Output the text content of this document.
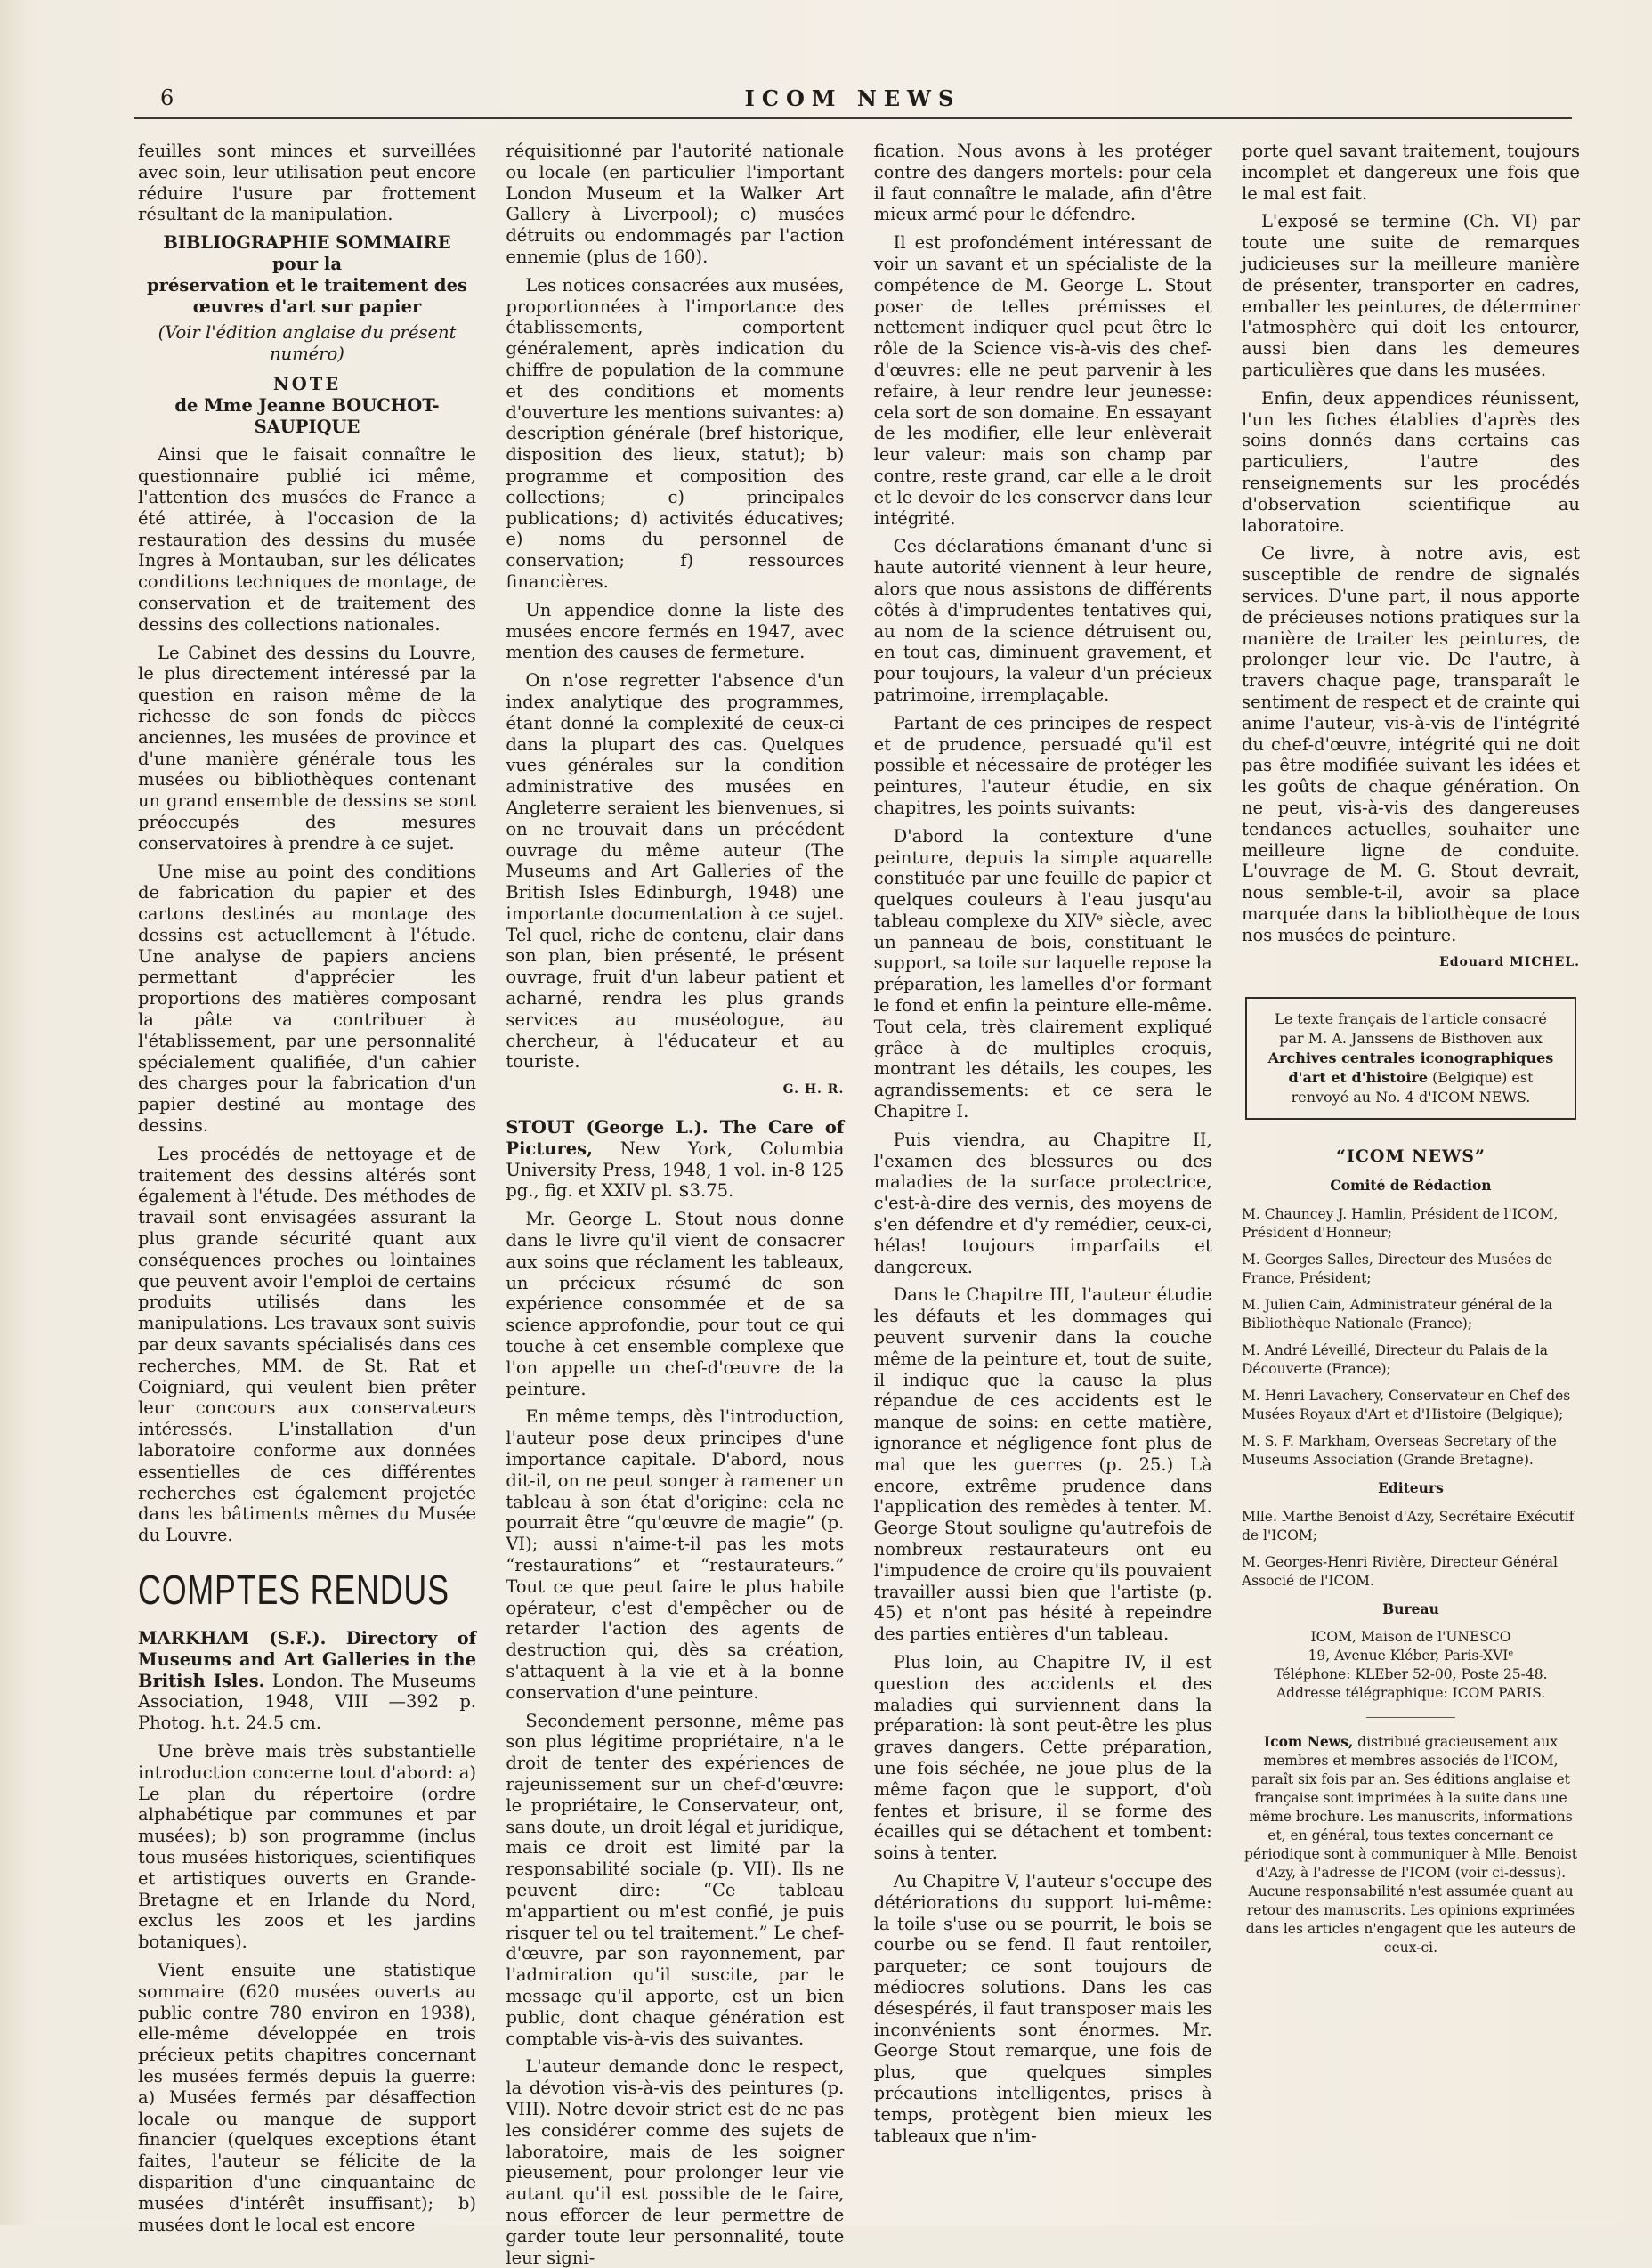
6	ICOM NEWS

feuilles sont minces et surveillées avec soin, leur utilisation peut encore réduire l'usure par frottement résultant de la manipulation.

BIBLIOGRAPHIE SOMMAIRE
pour la
préservation et le traitement des œuvres d'art sur papier
(Voir l'édition anglaise du présent numéro)
NOTE
de Mme Jeanne BOUCHOT-SAUPIQUE

Ainsi que le faisait connaître le questionnaire publié ici même, l'attention des musées de France a été attirée, à l'occasion de la restauration des dessins du musée Ingres à Montauban, sur les délicates conditions techniques de montage, de conservation et de traitement des dessins des collections nationales.

Le Cabinet des dessins du Louvre, le plus directement intéressé par la question en raison même de la richesse de son fonds de pièces anciennes, les musées de province et d'une manière générale tous les musées ou bibliothèques contenant un grand ensemble de dessins se sont préoccupés des mesures conservatoires à prendre à ce sujet.

Une mise au point des conditions de fabrication du papier et des cartons destinés au montage des dessins est actuellement à l'étude. Une analyse de papiers anciens permettant d'apprécier les proportions des matières composant la pâte va contribuer à l'établissement, par une personnalité spécialement qualifiée, d'un cahier des charges pour la fabrication d'un papier destiné au montage des dessins.

Les procédés de nettoyage et de traitement des dessins altérés sont également à l'étude. Des méthodes de travail sont envisagées assurant la plus grande sécurité quant aux conséquences proches ou lointaines que peuvent avoir l'emploi de certains produits utilisés dans les manipulations. Les travaux sont suivis par deux savants spécialisés dans ces recherches, MM. de St. Rat et Coigniard, qui veulent bien prêter leur concours aux conservateurs intéressés. L'installation d'un laboratoire conforme aux données essentielles de ces différentes recherches est également projetée dans les bâtiments mêmes du Musée du Louvre.

COMPTES RENDUS

MARKHAM (S.F.). Directory of Museums and Art Galleries in the British Isles. London. The Museums Association, 1948, VIII —392 p. Photog. h.t. 24.5 cm.

Une brève mais très substantielle introduction concerne tout d'abord: a) Le plan du répertoire (ordre alphabétique par communes et par musées); b) son programme (inclus tous musées historiques, scientifiques et artistiques ouverts en Grande-Bretagne et en Irlande du Nord, exclus les zoos et les jardins botaniques).

Vient ensuite une statistique sommaire (620 musées ouverts au public contre 780 environ en 1938), elle-même développée en trois précieux petits chapitres concernant les musées fermés depuis la guerre: a) Musées fermés par désaffection locale ou manque de support financier (quelques exceptions étant faites, l'auteur se félicite de la disparition d'une cinquantaine de musées d'intérêt insuffisant); b) musées dont le local est encore

réquisitionné par l'autorité nationale ou locale (en particulier l'important London Museum et la Walker Art Gallery à Liverpool); c) musées détruits ou endommagés par l'action ennemie (plus de 160).

Les notices consacrées aux musées, proportionnées à l'importance des établissements, comportent généralement, après indication du chiffre de population de la commune et des conditions et moments d'ouverture les mentions suivantes: a) description générale (bref historique, disposition des lieux, statut); b) programme et composition des collections; c) principales publications; d) activités éducatives; e) noms du personnel de conservation; f) ressources financières.

Un appendice donne la liste des musées encore fermés en 1947, avec mention des causes de fermeture.

On n'ose regretter l'absence d'un index analytique des programmes, étant donné la complexité de ceux-ci dans la plupart des cas. Quelques vues générales sur la condition administrative des musées en Angleterre seraient les bienvenues, si on ne trouvait dans un précédent ouvrage du même auteur (The Museums and Art Galleries of the British Isles Edinburgh, 1948) une importante documentation à ce sujet. Tel quel, riche de contenu, clair dans son plan, bien présenté, le présent ouvrage, fruit d'un labeur patient et acharné, rendra les plus grands services au muséologue, au chercheur, à l'éducateur et au touriste.

G. H. R.

STOUT (George L.). The Care of Pictures, New York, Columbia University Press, 1948, 1 vol. in-8 125 pg., fig. et XXIV pl. $3.75.

Mr. George L. Stout nous donne dans le livre qu'il vient de consacrer aux soins que réclament les tableaux, un précieux résumé de son expérience consommée et de sa science approfondie, pour tout ce qui touche à cet ensemble complexe que l'on appelle un chef-d'œuvre de la peinture.

En même temps, dès l'introduction, l'auteur pose deux principes d'une importance capitale. D'abord, nous dit-il, on ne peut songer à ramener un tableau à son état d'origine: cela ne pourrait être “qu'œuvre de magie” (p. VI); aussi n'aime-t-il pas les mots “restaurations” et “restaurateurs.” Tout ce que peut faire le plus habile opérateur, c'est d'empêcher ou de retarder l'action des agents de destruction qui, dès sa création, s'attaquent à la vie et à la bonne conservation d'une peinture.

Secondement personne, même pas son plus légitime propriétaire, n'a le droit de tenter des expériences de rajeunissement sur un chef-d'œuvre: le propriétaire, le Conservateur, ont, sans doute, un droit légal et juridique, mais ce droit est limité par la responsabilité sociale (p. VII). Ils ne peuvent dire: “Ce tableau m'appartient ou m'est confié, je puis risquer tel ou tel traitement.” Le chef-d'œuvre, par son rayonnement, par l'admiration qu'il suscite, par le message qu'il apporte, est un bien public, dont chaque génération est comptable vis-à-vis des suivantes.

L'auteur demande donc le respect, la dévotion vis-à-vis des peintures (p. VIII). Notre devoir strict est de ne pas les considérer comme des sujets de laboratoire, mais de les soigner pieusement, pour prolonger leur vie autant qu'il est possible de le faire, nous efforcer de leur permettre de garder toute leur personnalité, toute leur signi-

fication. Nous avons à les protéger contre des dangers mortels: pour cela il faut connaître le malade, afin d'être mieux armé pour le défendre.

Il est profondément intéressant de voir un savant et un spécialiste de la compétence de M. George L. Stout poser de telles prémisses et nettement indiquer quel peut être le rôle de la Science vis-à-vis des chef-d'œuvres: elle ne peut parvenir à les refaire, à leur rendre leur jeunesse: cela sort de son domaine. En essayant de les modifier, elle leur enlèverait leur valeur: mais son champ par contre, reste grand, car elle a le droit et le devoir de les conserver dans leur intégrité.

Ces déclarations émanant d'une si haute autorité viennent à leur heure, alors que nous assistons de différents côtés à d'imprudentes tentatives qui, au nom de la science détruisent ou, en tout cas, diminuent gravement, et pour toujours, la valeur d'un précieux patrimoine, irremplaçable.

Partant de ces principes de respect et de prudence, persuadé qu'il est possible et nécessaire de protéger les peintures, l'auteur étudie, en six chapitres, les points suivants:

D'abord la contexture d'une peinture, depuis la simple aquarelle constituée par une feuille de papier et quelques couleurs à l'eau jusqu'au tableau complexe du XIVᵉ siècle, avec un panneau de bois, constituant le support, sa toile sur laquelle repose la préparation, les lamelles d'or formant le fond et enfin la peinture elle-même. Tout cela, très clairement expliqué grâce à de multiples croquis, montrant les détails, les coupes, les agrandissements: et ce sera le Chapitre I.

Puis viendra, au Chapitre II, l'examen des blessures ou des maladies de la surface protectrice, c'est-à-dire des vernis, des moyens de s'en défendre et d'y remédier, ceux-ci, hélas! toujours imparfaits et dangereux.

Dans le Chapitre III, l'auteur étudie les défauts et les dommages qui peuvent survenir dans la couche même de la peinture et, tout de suite, il indique que la cause la plus répandue de ces accidents est le manque de soins: en cette matière, ignorance et négligence font plus de mal que les guerres (p. 25.) Là encore, extrême prudence dans l'application des remèdes à tenter. M. George Stout souligne qu'autrefois de nombreux restaurateurs ont eu l'impudence de croire qu'ils pouvaient travailler aussi bien que l'artiste (p. 45) et n'ont pas hésité à repeindre des parties entières d'un tableau.

Plus loin, au Chapitre IV, il est question des accidents et des maladies qui surviennent dans la préparation: là sont peut-être les plus graves dangers. Cette préparation, une fois séchée, ne joue plus de la même façon que le support, d'où fentes et brisure, il se forme des écailles qui se détachent et tombent: soins à tenter.

Au Chapitre V, l'auteur s'occupe des détériorations du support lui-même: la toile s'use ou se pourrit, le bois se courbe ou se fend. Il faut rentoiler, parqueter; ce sont toujours de médiocres solutions. Dans les cas désespérés, il faut transposer mais les inconvénients sont énormes. Mr. George Stout remarque, une fois de plus, que quelques simples précautions intelligentes, prises à temps, protègent bien mieux les tableaux que n'im-

porte quel savant traitement, toujours incomplet et dangereux une fois que le mal est fait.

L'exposé se termine (Ch. VI) par toute une suite de remarques judicieuses sur la meilleure manière de présenter, transporter en cadres, emballer les peintures, de déterminer l'atmosphère qui doit les entourer, aussi bien dans les demeures particulières que dans les musées.

Enfin, deux appendices réunissent, l'un les fiches établies d'après des soins donnés dans certains cas particuliers, l'autre des renseignements sur les procédés d'observation scientifique au laboratoire.

Ce livre, à notre avis, est susceptible de rendre de signalés services. D'une part, il nous apporte de précieuses notions pratiques sur la manière de traiter les peintures, de prolonger leur vie. De l'autre, à travers chaque page, transparaît le sentiment de respect et de crainte qui anime l'auteur, vis-à-vis de l'intégrité du chef-d'œuvre, intégrité qui ne doit pas être modifiée suivant les idées et les goûts de chaque génération. On ne peut, vis-à-vis des dangereuses tendances actuelles, souhaiter une meilleure ligne de conduite. L'ouvrage de M. G. Stout devrait, nous semble-t-il, avoir sa place marquée dans la bibliothèque de tous nos musées de peinture.

Edouard MICHEL.
Le texte français de l'article consacré par M. A. Janssens de Bisthoven aux Archives centrales iconographiques d'art et d'histoire (Belgique) est renvoyé au No. 4 d'ICOM NEWS.
“ICOM NEWS”
Comité de Rédaction

M. Chauncey J. Hamlin, Président de l'ICOM, Président d'Honneur;

M. Georges Salles, Directeur des Musées de France, Président;

M. Julien Cain, Administrateur général de la Bibliothèque Nationale (France);

M. André Léveillé, Directeur du Palais de la Découverte (France);

M. Henri Lavachery, Conservateur en Chef des Musées Royaux d'Art et d'Histoire (Belgique);

M. S. F. Markham, Overseas Secretary of the Museums Association (Grande Bretagne).

Editeurs

Mlle. Marthe Benoist d'Azy, Secrétaire Exécutif de l'ICOM;

M. Georges-Henri Rivière, Directeur Général Associé de l'ICOM.

Bureau
ICOM, Maison de l'UNESCO
19, Avenue Kléber, Paris-XVIᵉ
Téléphone: KLEber 52-00, Poste 25-48.
Addresse télégraphique: ICOM PARIS.
Icom News, distribué gracieusement aux membres et membres associés de l'ICOM, paraît six fois par an. Ses éditions anglaise et française sont imprimées à la suite dans une même brochure. Les manuscrits, informations et, en général, tous textes concernant ce périodique sont à communiquer à Mlle. Benoist d'Azy, à l'adresse de l'ICOM (voir ci-dessus). Aucune responsabilité n'est assumée quant au retour des manuscrits. Les opinions exprimées dans les articles n'engagent que les auteurs de ceux-ci.
